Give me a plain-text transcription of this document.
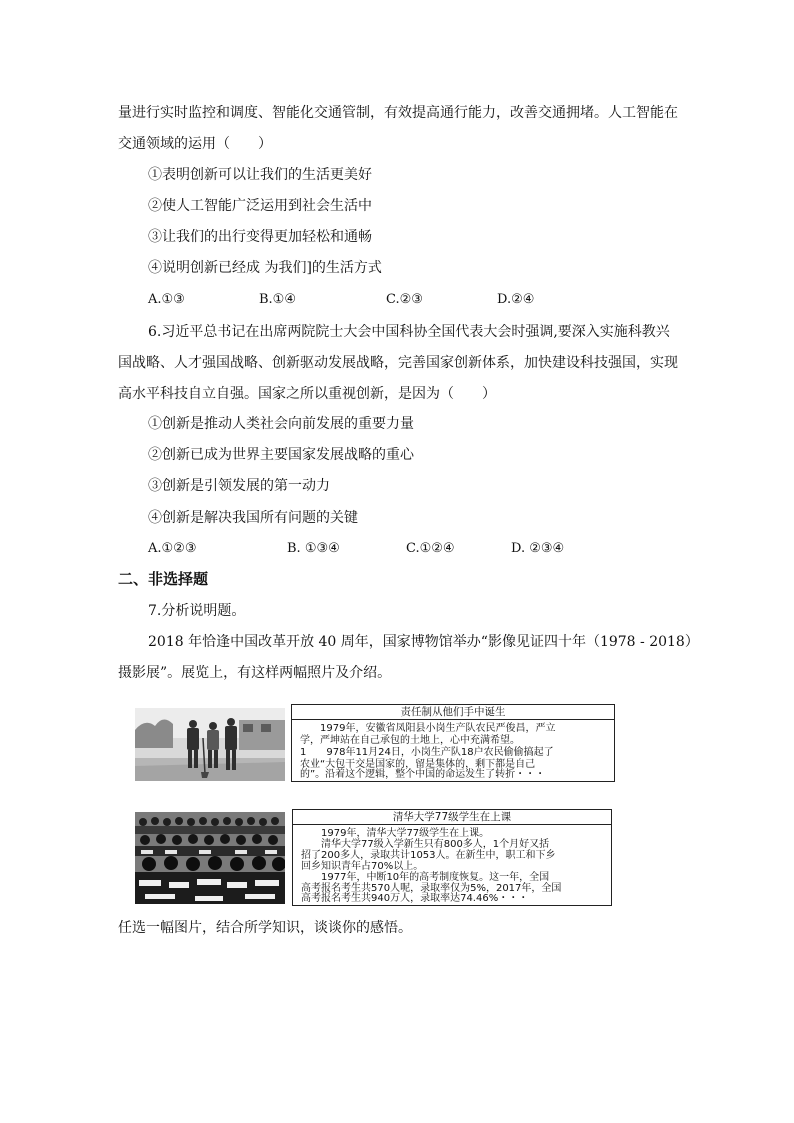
量进行实时监控和调度、智能化交通管制，有效提高通行能力，改善交通拥堵。人工智能在
交通领域的运用（　　）
①表明创新可以让我们的生活更美好
②使人工智能广泛运用到社会生活中
③让我们的出行变得更加轻松和通畅
④说明创新已经成 为我们]的生活方式
A.①③	B.①④	C.②③	D.②④
6.习近平总书记在出席两院院士大会中国科协全国代表大会时强调,要深入实施科教兴
国战略、人才强国战略、创新驱动发展战略，完善国家创新体系，加快建设科技强国，实现
高水平科技自立自强。国家之所以重视创新，是因为（　　）
①创新是推动人类社会向前发展的重要力量
②创新已成为世界主要国家发展战略的重心
③创新是引领发展的第一动力
④创新是解决我国所有问题的关键
A.①②③	B. ①③④	C.①②④	D. ②③④
二、非选择题
7.分析说明题。
2018 年恰逢中国改革开放 40 周年，国家博物馆举办“影像见证四十年（1978 - 2018）
摄影展”。展览上，有这样两幅照片及介绍。
责任制从他们手中诞生
　　1979年，安徽省凤阳县小岗生产队农民严俊昌，严立
学，严坤站在自己承包的土地上，心中充满希望。
1　　978年11月24日，小岗生产队18户农民偷偷搞起了
农业“大包干交是国家的，留是集体的，剩下都是自己
的”。沿着这个逻辑，整个中国的命运发生了转折・・・
清华大学77级学生在上课
　　1979年，清华大学77级学生在上课。
　　清华大学77级入学新生只有800多人，1个月好又括
招了200多人，录取共计1053人。在新生中，职工和下乡
回乡知识青年占70%以上。
　　1977年，中断10年的高考制度恢复。这一年，全国
高考报名考生共570人呢，录取率仅为5%，2017年，全国
高考报名考生共940万人，录取率达74.46%・・・
任选一幅图片，结合所学知识，谈谈你的感悟。
